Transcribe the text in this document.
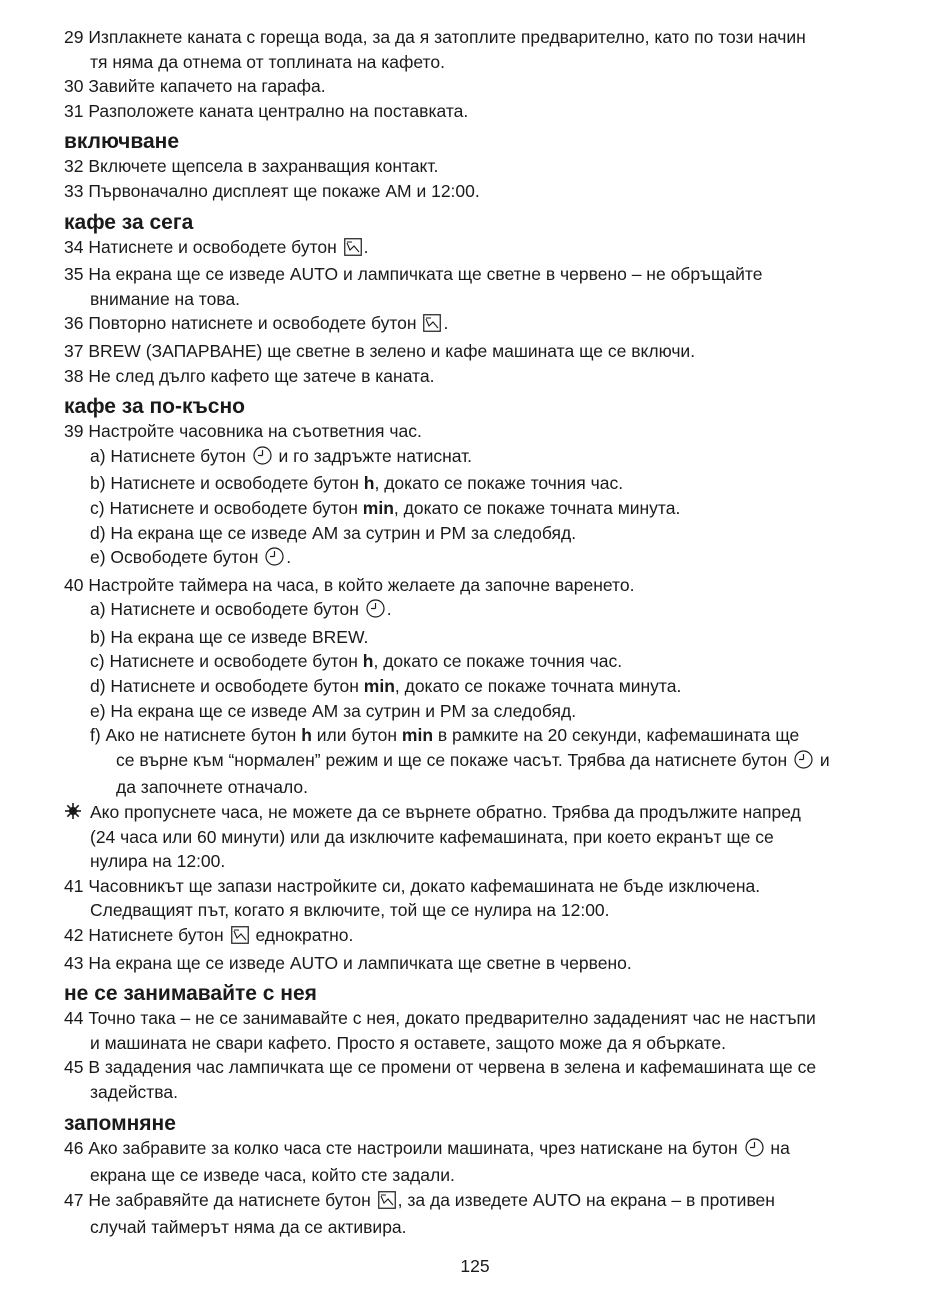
29 Изплакнете каната с гореща вода, за да я затоплите предварително, като по този начин

тя няма да отнема от топлината на кафето.

30 Завийте капачето на гарафа.

31 Разположете каната централно на поставката.

включване

32 Включете щепсела в захранващия контакт.

33 Първоначално дисплеят ще покаже AM и 12:00.

кафе за сега

34 Натиснете и освободете бутон .

35 На екрана ще се изведе AUTO и лампичката ще светне в червено – не обръщайте

внимание на това.

36 Повторно натиснете и освободете бутон .

37 BREW (ЗАПАРВАНЕ) ще светне в зелено и кафе машината ще се включи.

38 Не след дълго кафето ще затече в каната.

кафе за по-късно

39 Настройте часовника на съответния час.

a) Натиснете бутон и го задръжте натиснат.

b) Натиснете и освободете бутон h, докато се покаже точния час.

c) Натиснете и освободете бутон min, докато се покаже точната минута.

d) На екрана ще се изведе AM за сутрин и PM за следобяд.

e) Освободете бутон .

40 Настройте таймера на часа, в който желаете да започне варенето.

a) Натиснете и освободете бутон .

b) На екрана ще се изведе BREW.

c) Натиснете и освободете бутон h, докато се покаже точния час.

d) Натиснете и освободете бутон min, докато се покаже точната минута.

e) На екрана ще се изведе AM за сутрин и PM за следобяд.

f) Ако не натиснете бутон h или бутон min в рамките на 20 секунди, кафемашината ще

се върне към “нормален” режим и ще се покаже часът. Трябва да натиснете бутон и

да започнете отначало.

Ако пропуснете часа, не можете да се върнете обратно. Трябва да продължите напред
(24 часа или 60 минути) или да изключите кафемашината, при което екранът ще се
нулира на 12:00.

41 Часовникът ще запази настройките си, докато кафемашината не бъде изключена.

Следващият път, когато я включите, той ще се нулира на 12:00.

42 Натиснете бутон еднократно.

43 На екрана ще се изведе AUTO и лампичката ще светне в червено.

не се занимавайте с нея

44 Точно така – не се занимавайте с нея, докато предварително зададеният час не настъпи

и машината не свари кафето. Просто я оставете, защото може да я объркате.

45 В зададения час лампичката ще се промени от червена в зелена и кафемашината ще се

задейства.

запомняне

46 Ако забравите за колко часа сте настроили машината, чрез натискане на бутон на

екрана ще се изведе часа, който сте задали.

47 Не забравяйте да натиснете бутон , за да изведете AUTO на екрана – в противен

случай таймерът няма да се активира.

125
